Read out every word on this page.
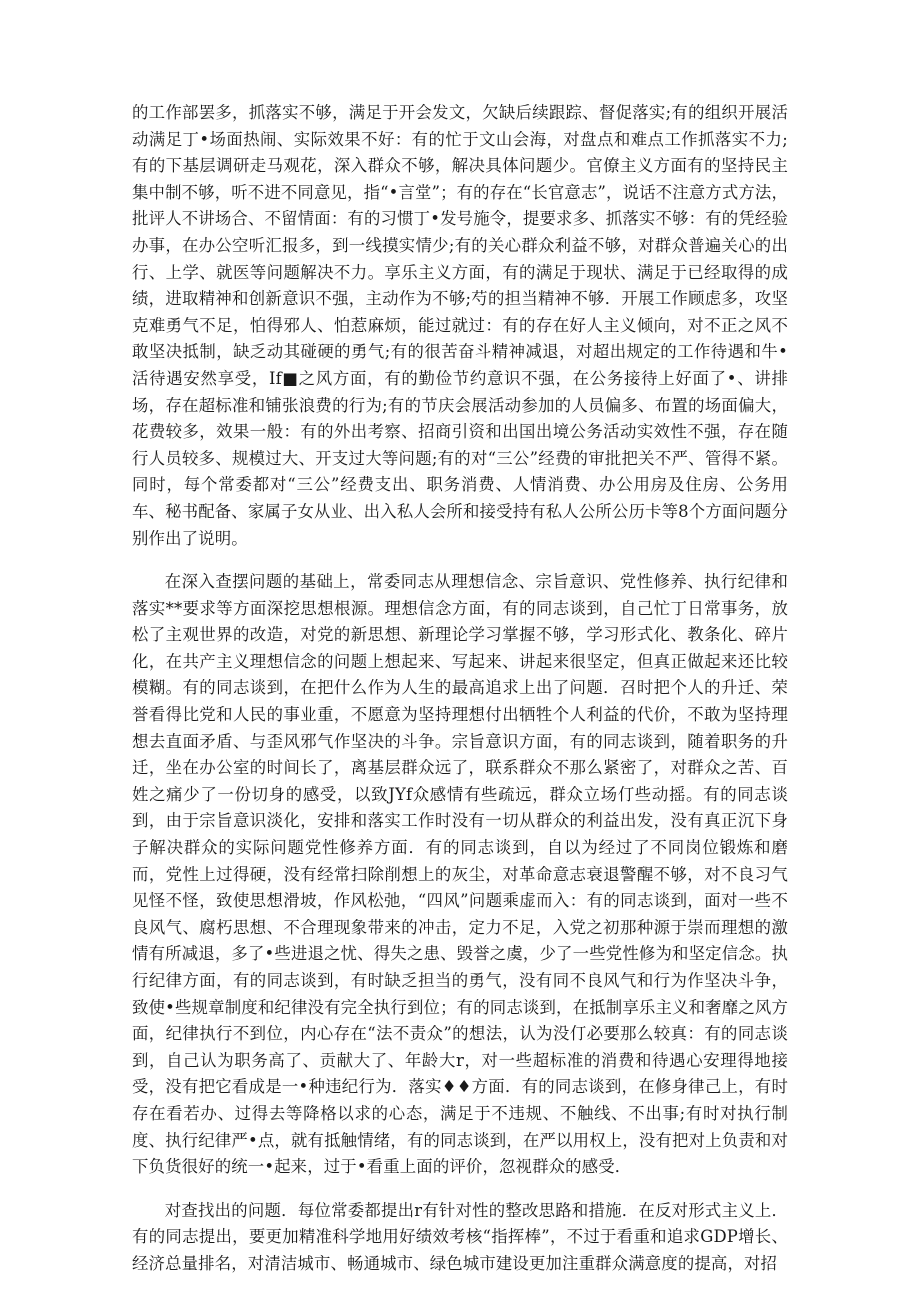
的工作部罢多，抓落实不够，满足于开会发文，欠缺后续跟踪、督促落实;有的组织开展活动满足丁•场面热闹、实际效果不好：有的忙于文山会海，对盘点和难点工作抓落实不力;有的下基层调研走马观花，深入群众不够，解决具体问题少。官僚主义方面有的坚持民主集中制不够，听不进不同意见，指“•言堂”；有的存在“长官意志”，说话不注意方式方法，批评人不讲场合、不留情面：有的习惯丁•发号施令，提要求多、抓落实不够：有的凭经验办事，在办公空听汇报多，到一线摸实情少;有的关心群众利益不够，对群众普遍关心的出行、上学、就医等问题解决不力。享乐主义方面，有的满足于现状、满足于已经取得的成绩，进取精神和创新意识不强，主动作为不够;芍的担当精神不够．开展工作顾虑多，攻坚克难勇气不足，怕得邪人、怕惹麻烦，能过就过：有的存在好人主义倾向，对不正之风不敢坚决抵制，缺乏动其碰硬的勇气;有的很苦奋斗精神减退，对超出规定的工作待遇和牛•活待遇安然享受，If■之风方面，有的勤俭节约意识不强，在公务接待上好面了•、讲排场，存在超标准和铺张浪费的行为;有的节庆会展活动参加的人员偏多、布置的场面偏大，花费较多，效果一般：有的外出考察、招商引资和出国出境公务活动实效性不强，存在随行人员较多、规模过大、开支过大等问题;有的对“三公”经费的审批把关不严、管得不紧。同时，每个常委都对“三公”经费支出、职务消费、人情消费、办公用房及住房、公务用车、秘书配备、家属子女从业、出入私人会所和接受持有私人公所公历卡等8个方面问题分别作出了说明。

在深入查摆问题的基础上，常委同志从理想信念、宗旨意识、党性修养、执行纪律和落实**要求等方面深挖思想根源。理想信念方面，有的同志谈到，自己忙丁日常事务，放松了主观世界的改造，对党的新思想、新理论学习掌握不够，学习形式化、教条化、碎片化，在共产主义理想信念的问题上想起来、写起来、讲起来很坚定，但真正做起来还比较模糊。有的同志谈到，在把什么作为人生的最高追求上出了问题．召时把个人的升迁、荣誉看得比党和人民的事业重，不愿意为坚持理想付出牺牲个人利益的代价，不敢为坚持理想去直面矛盾、与歪风邪气作坚决的斗争。宗旨意识方面，有的同志谈到，随着职务的升迁，坐在办公室的时间长了，离基层群众远了，联系群众不那么紧密了，对群众之苦、百姓之痛少了一份切身的感受，以致JYf众感情有些疏远，群众立场仃些动摇。有的同志谈到，由于宗旨意识淡化，安排和落实工作时没有一切从群众的利益出发，没有真正沉下身子解决群众的实际问题党性修养方面．有的同志谈到，自以为经过了不同岗位锻炼和磨而，党性上过得硬，没有经常扫除削想上的灰尘，对革命意志衰退警醒不够，对不良习气见怪不怪，致使思想滑坡，作风松弛，“四风”问题乘虚而入：有的同志谈到，面对一些不良风气、腐朽思想、不合理现象带来的冲击，定力不足，入党之初那种源于崇而理想的激情有所减退，多了•些进退之忧、得失之患、毁誉之虞，少了一些党性修为和坚定信念。执行纪律方面，有的同志谈到，有时缺乏担当的勇气，没有同不良风气和行为作坚决斗争，致使•些规章制度和纪律没有完全执行到位；有的同志谈到，在抵制享乐主义和奢靡之风方面，纪律执行不到位，内心存在“法不责众”的想法，认为没仃必要那么较真：有的同志谈到，自己认为职务高了、贡献大了、年龄大r，对一些超标准的消费和待遇心安理得地接受，没有把它看成是一•种违纪行为．落实♦♦方面．有的同志谈到，在修身律己上，有时存在看若办、过得去等降格以求的心态，满足于不违规、不触线、不出事;有时对执行制度、执行纪律严•点，就有抵触情绪，有的同志谈到，在严以用权上，没有把对上负责和对下负货很好的统一•起来，过于•看重上面的评价，忽视群众的感受．

对查找出的问题．每位常委都提出r有针对性的整改思路和措施．在反对形式主义上．有的同志提出，要更加精准科学地用好绩效考核“指挥棒”，不过于看重和追求GDP增长、经济总量排名，对清洁城市、畅通城市、绿色城市建设更加注重群众满意度的提高，对招
